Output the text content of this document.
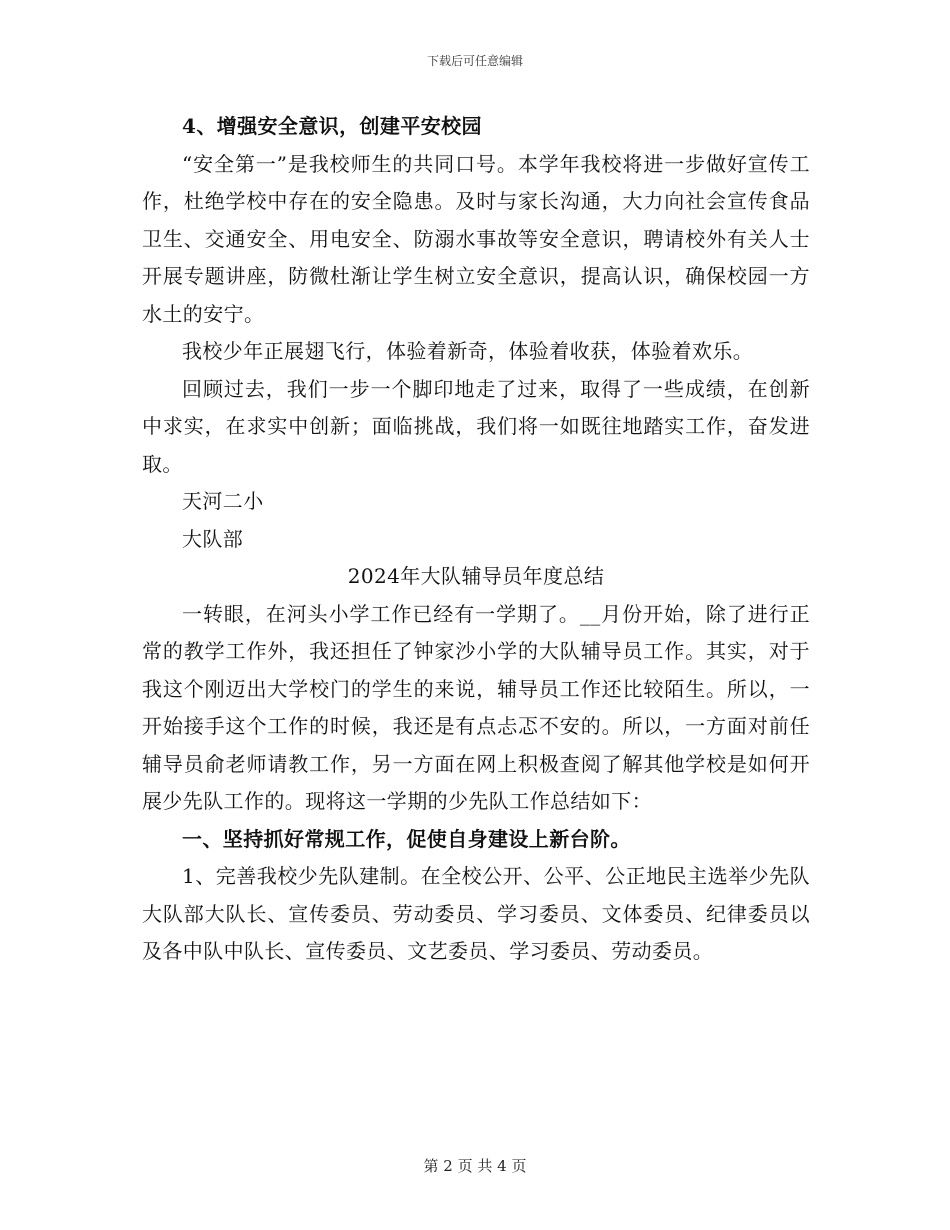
下载后可任意编辑

4、增强安全意识，创建平安校园

“安全第一”是我校师生的共同口号。本学年我校将进一步做好宣传工作，杜绝学校中存在的安全隐患。及时与家长沟通，大力向社会宣传食品卫生、交通安全、用电安全、防溺水事故等安全意识，聘请校外有关人士开展专题讲座，防微杜渐让学生树立安全意识，提高认识，确保校园一方水土的安宁。

我校少年正展翅飞行，体验着新奇，体验着收获，体验着欢乐。

回顾过去，我们一步一个脚印地走了过来，取得了一些成绩，在创新中求实，在求实中创新；面临挑战，我们将一如既往地踏实工作，奋发进取。

天河二小

大队部

2024年大队辅导员年度总结

一转眼，在河头小学工作已经有一学期了。__月份开始，除了进行正常的教学工作外，我还担任了钟家沙小学的大队辅导员工作。其实，对于我这个刚迈出大学校门的学生的来说，辅导员工作还比较陌生。所以，一开始接手这个工作的时候，我还是有点忐忑不安的。所以，一方面对前任辅导员俞老师请教工作，另一方面在网上积极查阅了解其他学校是如何开展少先队工作的。现将这一学期的少先队工作总结如下：

一、坚持抓好常规工作，促使自身建设上新台阶。

1、完善我校少先队建制。在全校公开、公平、公正地民主选举少先队大队部大队长、宣传委员、劳动委员、学习委员、文体委员、纪律委员以及各中队中队长、宣传委员、文艺委员、学习委员、劳动委员。

第 2 页 共 4 页
